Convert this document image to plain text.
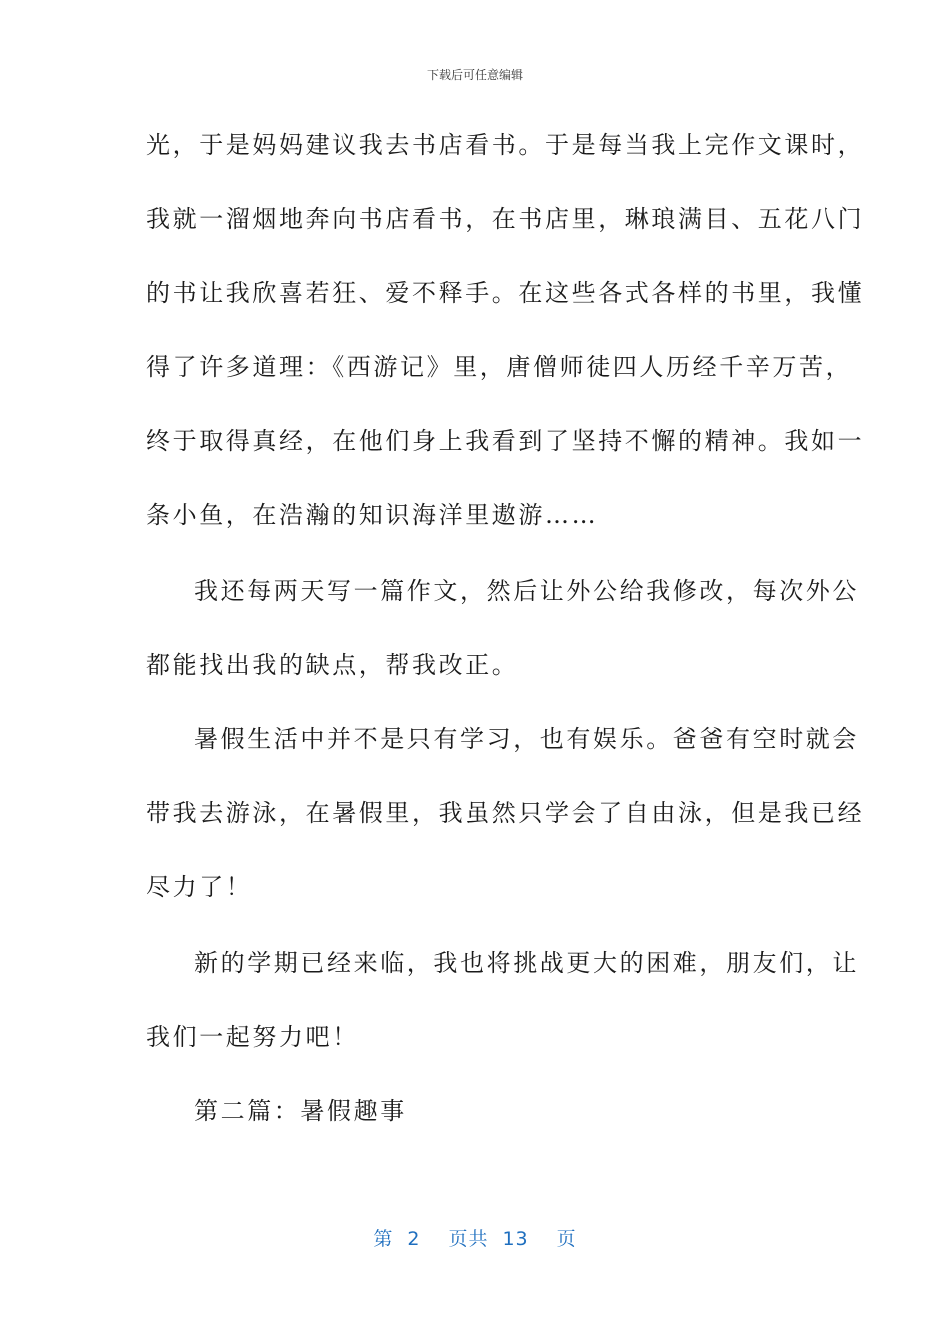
下载后可任意编辑
光，于是妈妈建议我去书店看书。于是每当我上完作文课时，
我就一溜烟地奔向书店看书，在书店里，琳琅满目、五花八门
的书让我欣喜若狂、爱不释手。在这些各式各样的书里，我懂
得了许多道理：《西游记》里，唐僧师徒四人历经千辛万苦，
终于取得真经，在他们身上我看到了坚持不懈的精神。我如一
条小鱼，在浩瀚的知识海洋里遨游……
我还每两天写一篇作文，然后让外公给我修改，每次外公
都能找出我的缺点，帮我改正。
暑假生活中并不是只有学习，也有娱乐。爸爸有空时就会
带我去游泳，在暑假里，我虽然只学会了自由泳，但是我已经
尽力了！
新的学期已经来临，我也将挑战更大的困难，朋友们，让
我们一起努力吧！
第二篇：暑假趣事
第 2 页共 13 页
